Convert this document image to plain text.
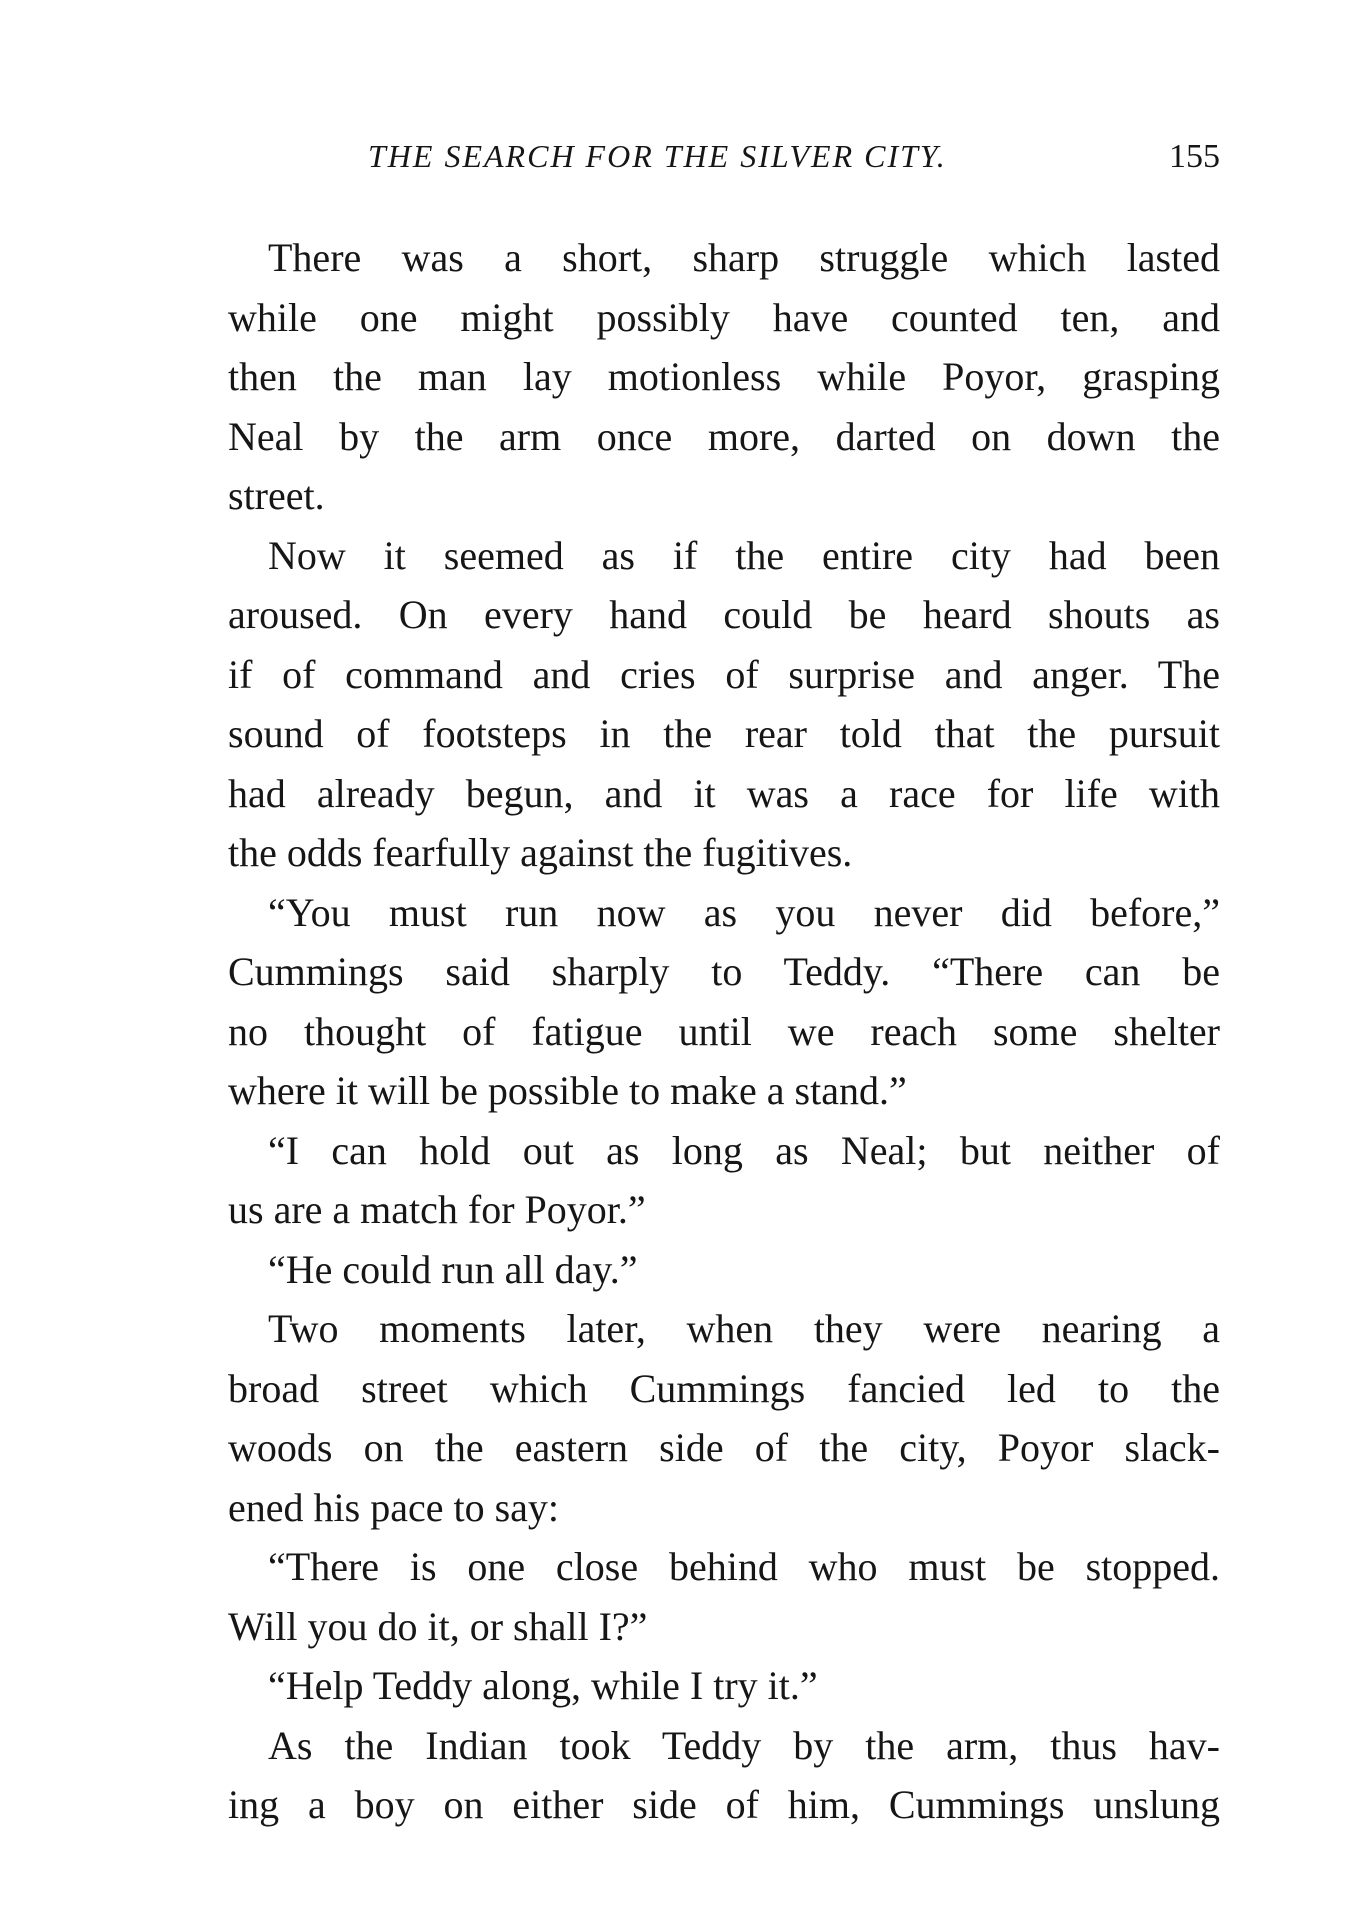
THE SEARCH FOR THE SILVER CITY.	155
There was a short, sharp struggle which lasted
while one might possibly have counted ten, and
then the man lay motionless while Poyor, grasping
Neal by the arm once more, darted on down the
street.
Now it seemed as if the entire city had been
aroused. On every hand could be heard shouts as
if of command and cries of surprise and anger. The
sound of footsteps in the rear told that the pursuit
had already begun, and it was a race for life with
the odds fearfully against the fugitives.
“You must run now as you never did before,”
Cummings said sharply to Teddy. “There can be
no thought of fatigue until we reach some shelter
where it will be possible to make a stand.”
“I can hold out as long as Neal; but neither of
us are a match for Poyor.”
“He could run all day.”
Two moments later, when they were nearing a
broad street which Cummings fancied led to the
woods on the eastern side of the city, Poyor slack-
ened his pace to say:
“There is one close behind who must be stopped.
Will you do it, or shall I?”
“Help Teddy along, while I try it.”
As the Indian took Teddy by the arm, thus hav-
ing a boy on either side of him, Cummings unslung
